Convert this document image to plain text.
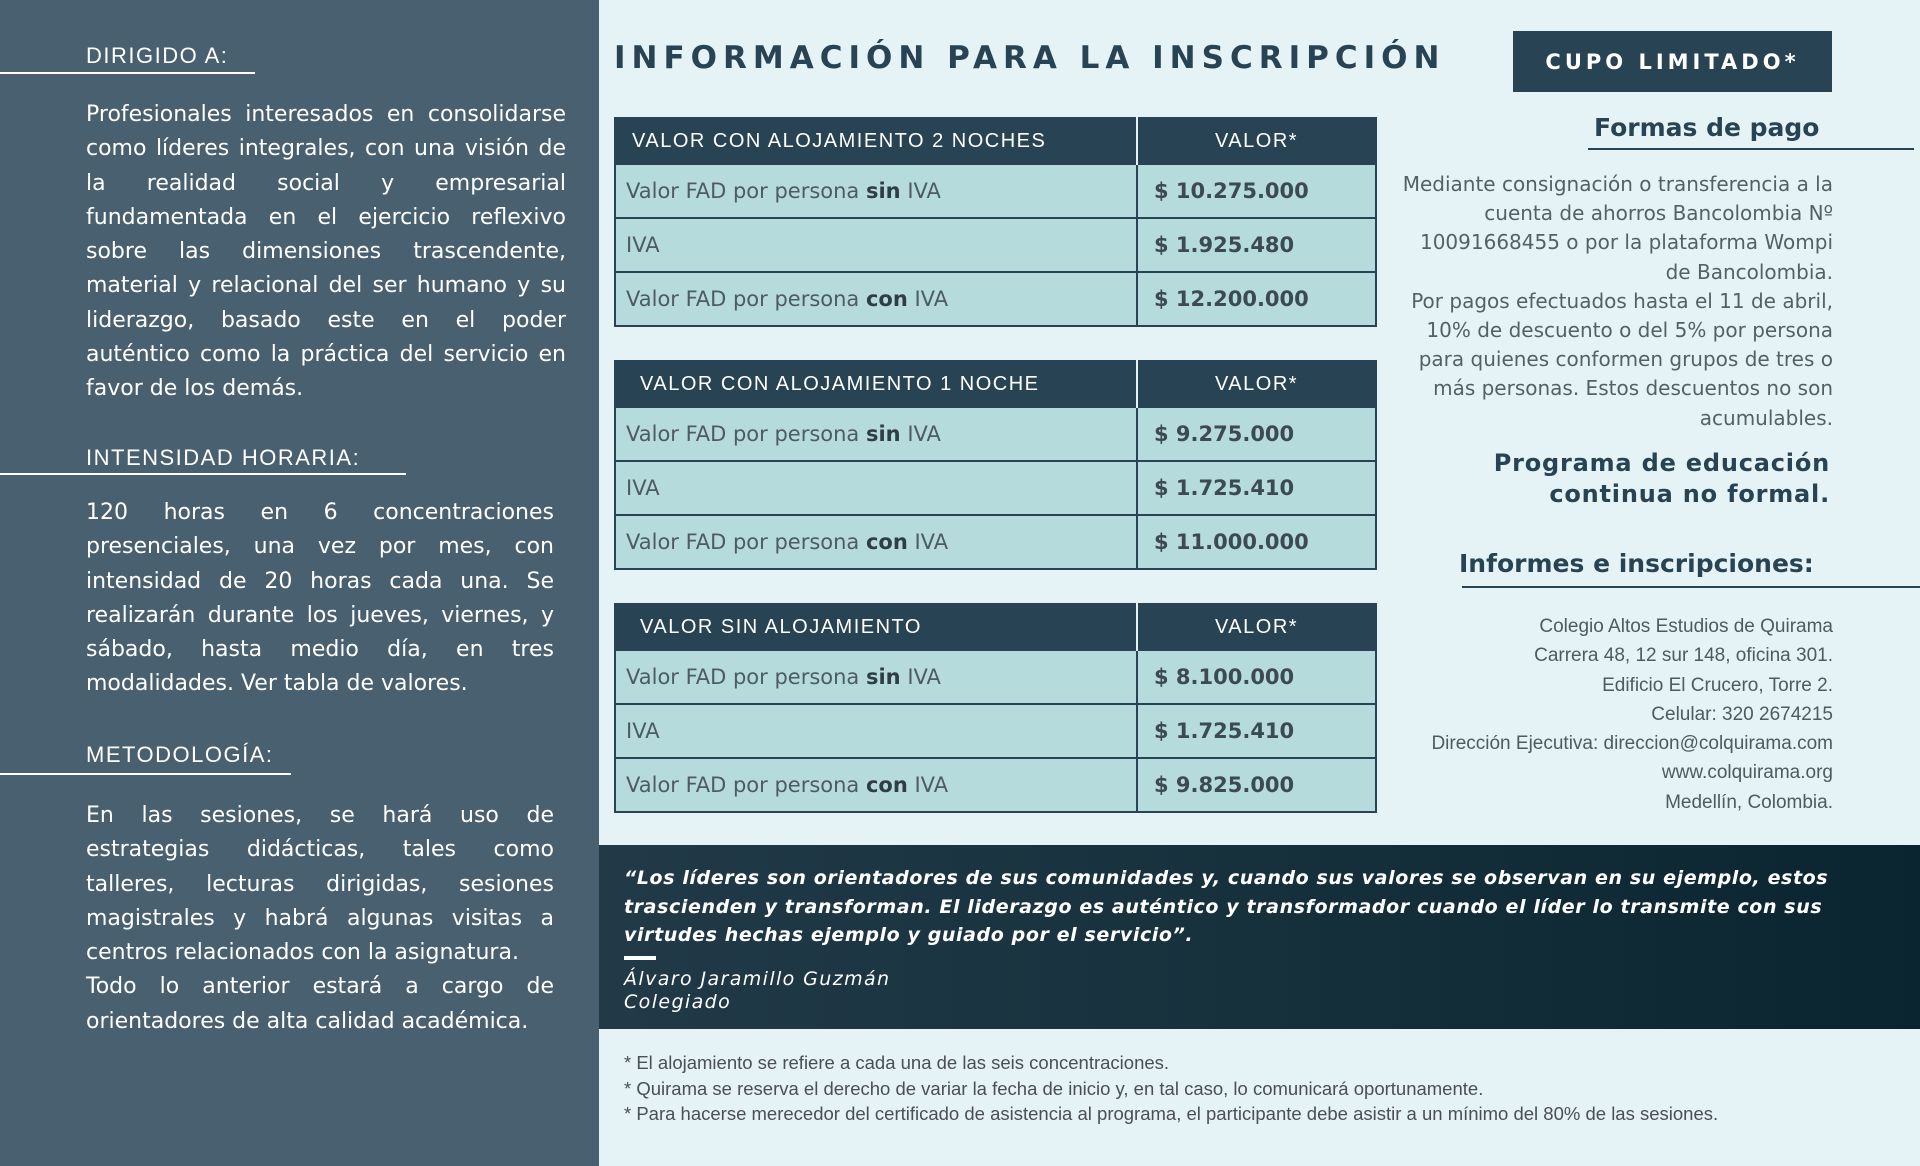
DIRIGIDO A:
Profesionales interesados en consolidarse como líderes integrales, con una visión de la realidad social y empresarial fundamentada en el ejercicio reflexivo sobre las dimensiones trascendente, material y relacional del ser humano y su liderazgo, basado este en el poder auténtico como la práctica del servicio en favor de los demás.
INTENSIDAD HORARIA:
120 horas en 6 concentraciones presenciales, una vez por mes, con intensidad de 20 horas cada una. Se realizarán durante los jueves, viernes, y sábado, hasta medio día, en tres modalidades. Ver tabla de valores.
METODOLOGÍA:
En las sesiones, se hará uso de estrategias didácticas, tales como talleres, lecturas dirigidas, sesiones magistrales y habrá algunas visitas a centros relacionados con la asignatura.
Todo lo anterior estará a cargo de orientadores de alta calidad académica.
INFORMACIÓN PARA LA INSCRIPCIÓN
VALOR CON ALOJAMIENTO 2 NOCHES	VALOR*
Valor FAD por persona sin IVA	$ 10.275.000
IVA	$ 1.925.480
Valor FAD por persona con IVA	$ 12.200.000
VALOR CON ALOJAMIENTO 1 NOCHE	VALOR*
Valor FAD por persona sin IVA	$ 9.275.000
IVA	$ 1.725.410
Valor FAD por persona con IVA	$ 11.000.000
VALOR SIN ALOJAMIENTO	VALOR*
Valor FAD por persona sin IVA	$ 8.100.000
IVA	$ 1.725.410
Valor FAD por persona con IVA	$ 9.825.000
CUPO LIMITADO*
Formas de pago
Mediante consignación o transferencia a la cuenta de ahorros Bancolombia Nº 10091668455 o por la plataforma Wompi de Bancolombia.
Por pagos efectuados hasta el 11 de abril, 10% de descuento o del 5% por persona para quienes conformen grupos de tres o más personas. Estos descuentos no son acumulables.
Programa de educación
continua no formal.
Informes e inscripciones:
Colegio Altos Estudios de Quirama
Carrera 48, 12 sur 148, oficina 301.
Edificio El Crucero, Torre 2.
Celular: 320 2674215
Dirección Ejecutiva: direccion@colquirama.com
www.colquirama.org
Medellín, Colombia.
“Los líderes son orientadores de sus comunidades y, cuando sus valores se observan en su ejemplo, estos trascienden y transforman. El liderazgo es auténtico y transformador cuando el líder lo transmite con sus virtudes hechas ejemplo y guiado por el servicio”.
Álvaro Jaramillo Guzmán
Colegiado
* El alojamiento se refiere a cada una de las seis concentraciones.
* Quirama se reserva el derecho de variar la fecha de inicio y, en tal caso, lo comunicará oportunamente.
* Para hacerse merecedor del certificado de asistencia al programa, el participante debe asistir a un mínimo del 80% de las sesiones.
